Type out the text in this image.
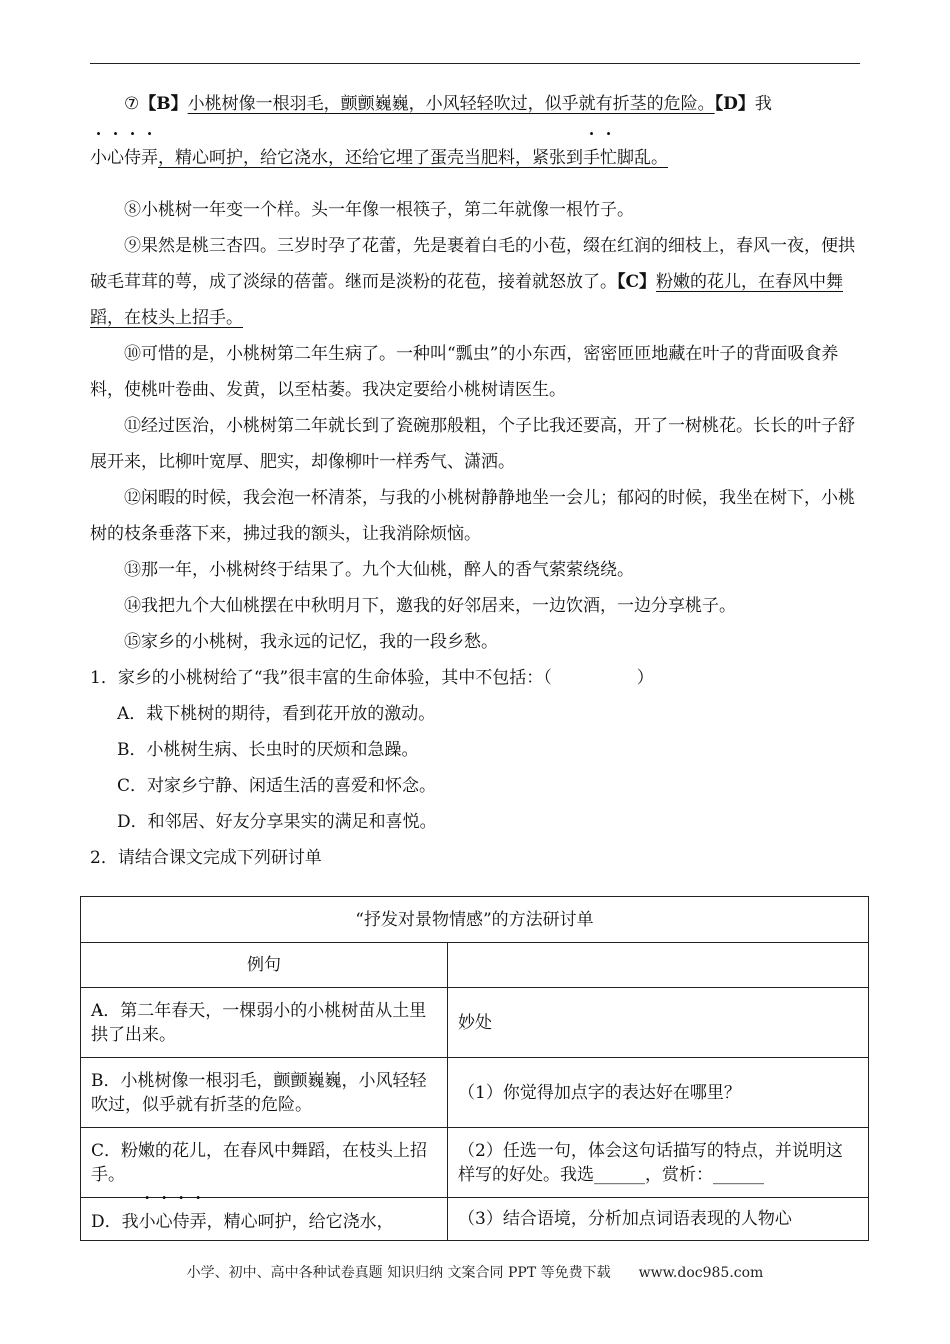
⑦【B】小桃树像一根羽毛，颤颤巍巍，小风轻轻吹过，似乎就有折茎的危险。【D】我

小心侍弄，精心呵护，给它浇水，还给它埋了蛋壳当肥料，紧张到手忙脚乱。

⑧小桃树一年变一个样。头一年像一根筷子，第二年就像一根竹子。

⑨果然是桃三杏四。三岁时孕了花蕾，先是裹着白毛的小苞，缀在红润的细枝上，春风一夜，便拱破毛茸茸的萼，成了淡绿的蓓蕾。继而是淡粉的花苞，接着就怒放了。【C】粉嫩的花儿，在春风中舞蹈，在枝头上招手。

⑩可惜的是，小桃树第二年生病了。一种叫“瓢虫”的小东西，密密匝匝地藏在叶子的背面吸食养料，使桃叶卷曲、发黄，以至枯萎。我决定要给小桃树请医生。

⑪经过医治，小桃树第二年就长到了瓷碗那般粗，个子比我还要高，开了一树桃花。长长的叶子舒展开来，比柳叶宽厚、肥实，却像柳叶一样秀气、潇洒。

⑫闲暇的时候，我会泡一杯清茶，与我的小桃树静静地坐一会儿；郁闷的时候，我坐在树下，小桃树的枝条垂落下来，拂过我的额头，让我消除烦恼。

⑬那一年，小桃树终于结果了。九个大仙桃，醉人的香气萦萦绕绕。

⑭我把九个大仙桃摆在中秋明月下，邀我的好邻居来，一边饮酒，一边分享桃子。

⑮家乡的小桃树，我永远的记忆，我的一段乡愁。

1．家乡的小桃树给了“我”很丰富的生命体验，其中不包括：（　　　　　）

A．栽下桃树的期待，看到花开放的激动。

B．小桃树生病、长虫时的厌烦和急躁。

C．对家乡宁静、闲适生活的喜爱和怀念。

D．和邻居、好友分享果实的满足和喜悦。

2．请结合课文完成下列研讨单

“抒发对景物情感”的方法研讨单	
例句	
A．第二年春天，一棵弱小的小桃树苗从土里拱了出来。	妙处
B．小桃树像一根羽毛，颤颤巍巍，小风轻轻吹过，似乎就有折茎的危险。	（1）你觉得加点字的表达好在哪里？
C．粉嫩的花儿，在春风中舞蹈，在枝头上招手。	（2）任选一句，体会这句话描写的特点，并说明这样写的好处。我选______，赏析：______
D．我小心侍弄，精心呵护，给它浇水，	（3）结合语境，分析加点词语表现的人物心
小学、初中、高中各种试卷真题 知识归纳 文案合同 PPT 等免费下载　　www.doc985.com
